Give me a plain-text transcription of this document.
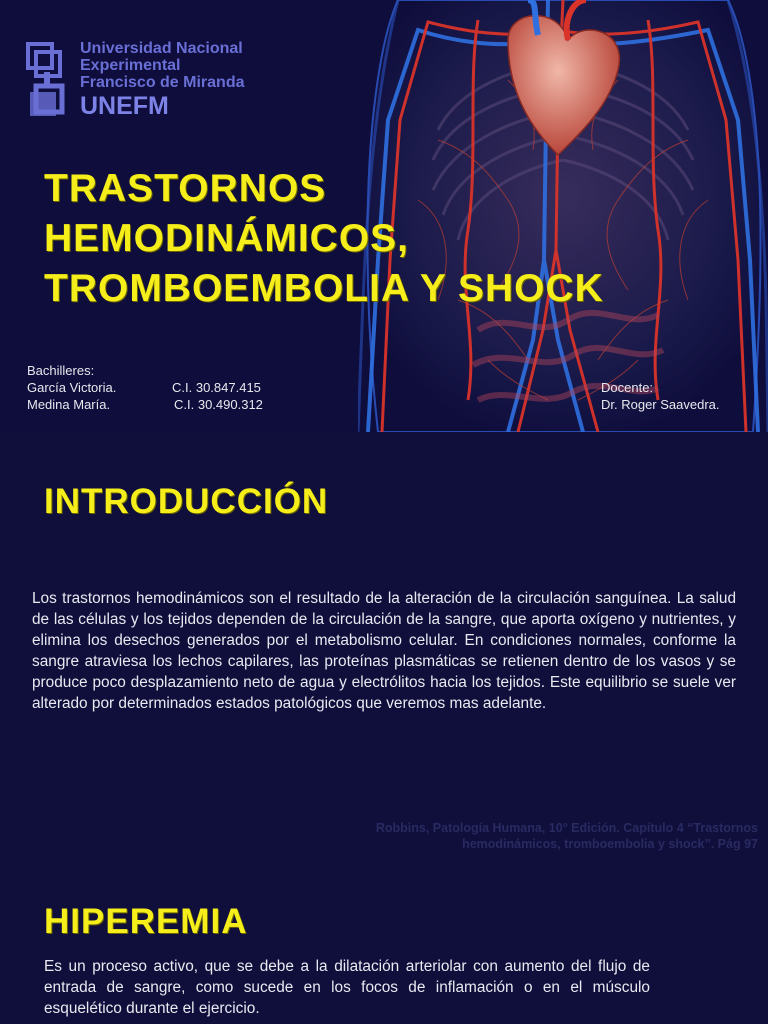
Universidad Nacional
Experimental
Francisco de Miranda
UNEFM
TRASTORNOS
HEMODINÁMICOS,
TROMBOEMBOLIA Y SHOCK
Bachilleres:
García Victoria.	C.I. 30.847.415
Medina María.	C.I. 30.490.312
Docente:
Dr. Roger Saavedra.
INTRODUCCIÓN
Los trastornos hemodinámicos son el resultado de la alteración de la circulación sanguínea. La salud de las células y los tejidos dependen de la circulación de la sangre, que aporta oxígeno y nutrientes, y elimina los desechos generados por el metabolismo celular. En condiciones normales, conforme la sangre atraviesa los lechos capilares, las proteínas plasmáticas se retienen dentro de los vasos y se produce poco desplazamiento neto de agua y electrólitos hacia los tejidos. Este equilibrio se suele ver alterado por determinados estados patológicos que veremos mas adelante.
Robbins, Patología Humana, 10° Edición. Capítulo 4 “Trastornos hemodinámicos, tromboembolia y shock”. Pág 97
HIPEREMIA
Es un proceso activo, que se debe a la dilatación arteriolar con aumento del flujo de entrada de sangre, como sucede en los focos de inflamación o en el músculo esquelético durante el ejercicio.
